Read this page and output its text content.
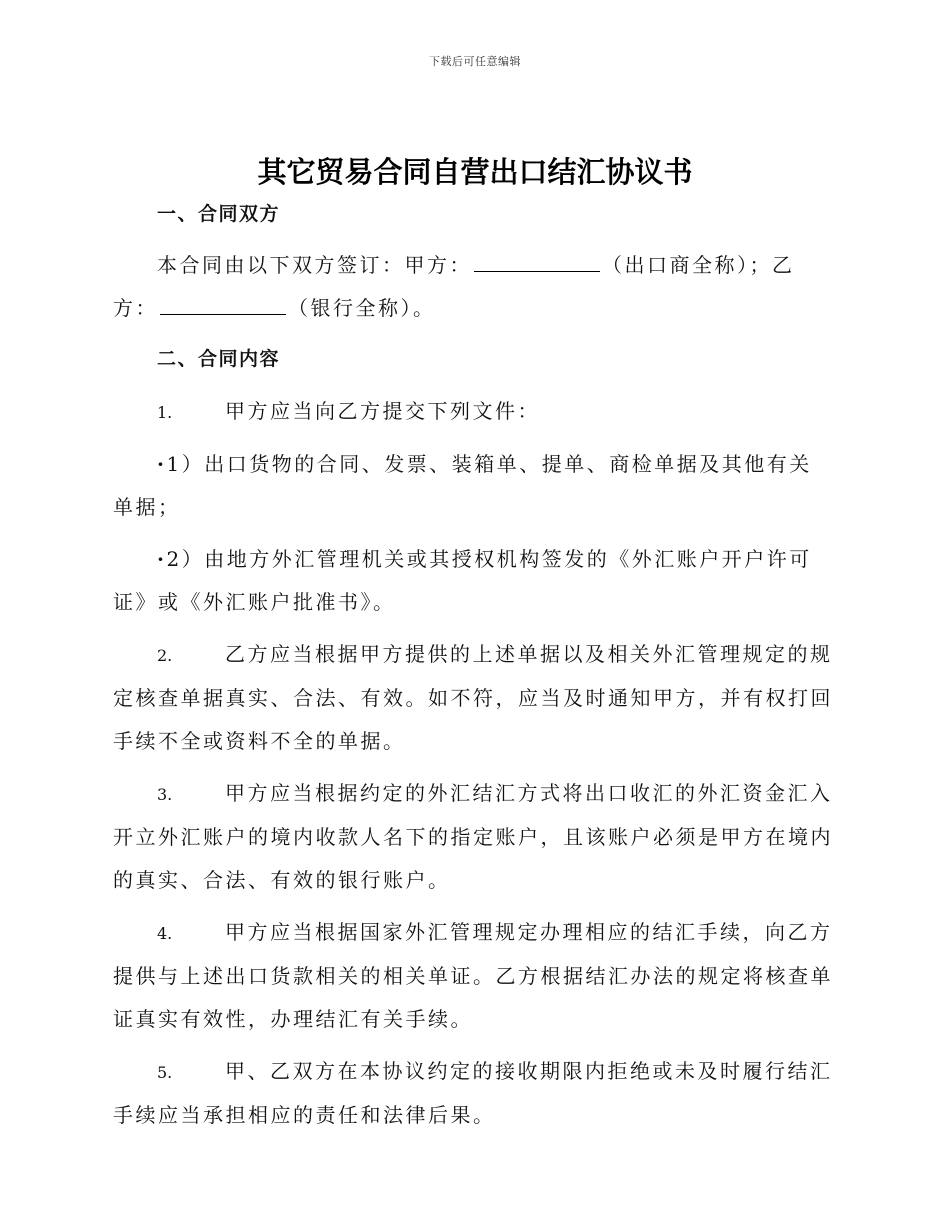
下载后可任意编辑
其它贸易合同自营出口结汇协议书

一、合同双方

本合同由以下双方签订：甲方：	（出口商全称）；乙方：	（银行全称）。

二、合同内容

1.	甲方应当向乙方提交下列文件：

·1）出口货物的合同、发票、装箱单、提单、商检单据及其他有关单据；

·2）由地方外汇管理机关或其授权机构签发的《外汇账户开户许可证》或《外汇账户批准书》。

2.	乙方应当根据甲方提供的上述单据以及相关外汇管理规定的规定核查单据真实、合法、有效。如不符，应当及时通知甲方，并有权打回手续不全或资料不全的单据。

3.	甲方应当根据约定的外汇结汇方式将出口收汇的外汇资金汇入开立外汇账户的境内收款人名下的指定账户，且该账户必须是甲方在境内的真实、合法、有效的银行账户。

4.	甲方应当根据国家外汇管理规定办理相应的结汇手续，向乙方提供与上述出口货款相关的相关单证。乙方根据结汇办法的规定将核查单证真实有效性，办理结汇有关手续。

5.	甲、乙双方在本协议约定的接收期限内拒绝或未及时履行结汇手续应当承担相应的责任和法律后果。
